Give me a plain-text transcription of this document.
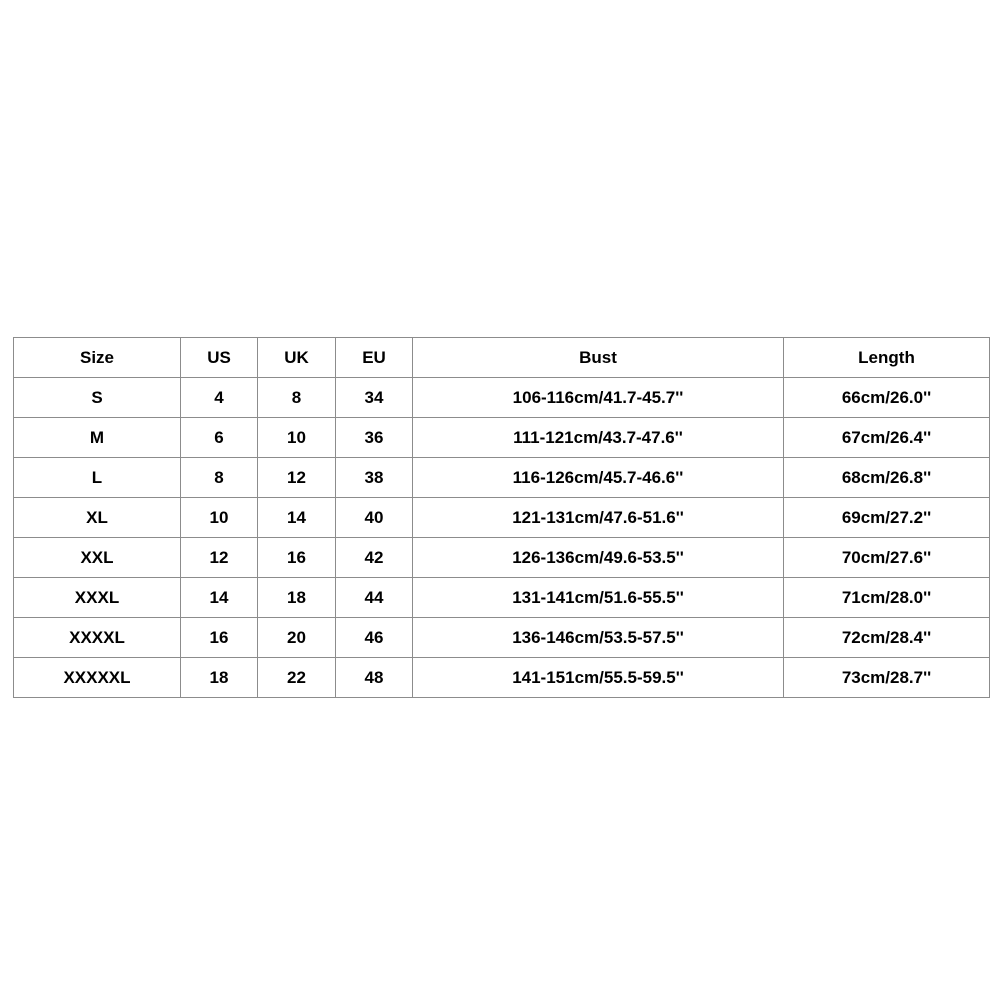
Size	US	UK	EU	Bust	Length
S	4	8	34	106-116cm/41.7-45.7''	66cm/26.0''
M	6	10	36	111-121cm/43.7-47.6''	67cm/26.4''
L	8	12	38	116-126cm/45.7-46.6''	68cm/26.8''
XL	10	14	40	121-131cm/47.6-51.6''	69cm/27.2''
XXL	12	16	42	126-136cm/49.6-53.5''	70cm/27.6''
XXXL	14	18	44	131-141cm/51.6-55.5''	71cm/28.0''
XXXXL	16	20	46	136-146cm/53.5-57.5''	72cm/28.4''
XXXXXL	18	22	48	141-151cm/55.5-59.5''	73cm/28.7''
